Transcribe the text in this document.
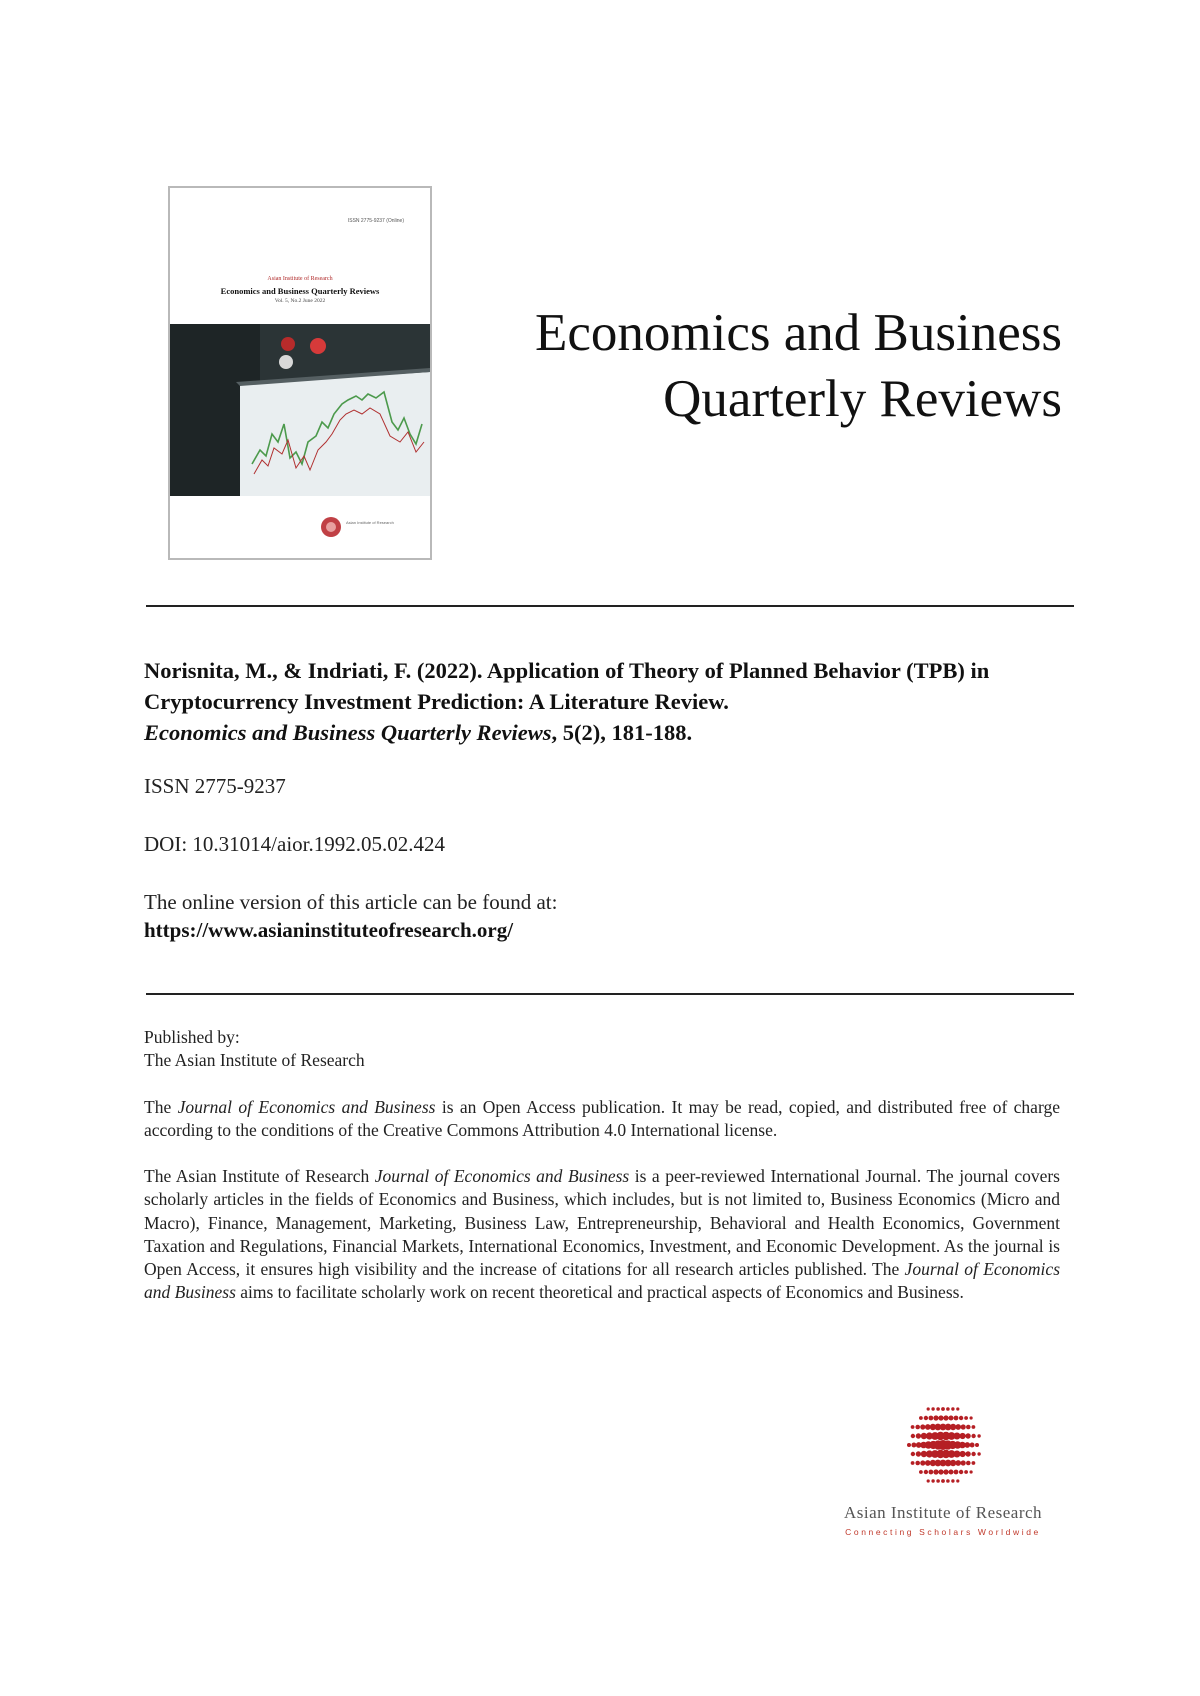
ISSN 2775-9237 (Online)
Asian Institute of Research
Economics and Business Quarterly Reviews
Vol. 5, No.2 June 2022
Asian Institute of Research
Economics and Business
Quarterly Reviews
Norisnita, M., & Indriati, F. (2022). Application of Theory of Planned Behavior (TPB) in Cryptocurrency Investment Prediction: A Literature Review.
Economics and Business Quarterly Reviews, 5(2), 181-188.
ISSN 2775-9237
DOI: 10.31014/aior.1992.05.02.424
The online version of this article can be found at:
https://www.asianinstituteofresearch.org/
Published by:
The Asian Institute of Research
The Journal of Economics and Business is an Open Access publication. It may be read, copied, and distributed free of charge according to the conditions of the Creative Commons Attribution 4.0 International license.
The Asian Institute of Research Journal of Economics and Business is a peer-reviewed International Journal. The journal covers scholarly articles in the fields of Economics and Business, which includes, but is not limited to, Business Economics (Micro and Macro), Finance, Management, Marketing, Business Law, Entrepreneurship, Behavioral and Health Economics, Government Taxation and Regulations, Financial Markets, International Economics, Investment, and Economic Development. As the journal is Open Access, it ensures high visibility and the increase of citations for all research articles published. The Journal of Economics and Business aims to facilitate scholarly work on recent theoretical and practical aspects of Economics and Business.
Asian Institute of Research
Connecting Scholars Worldwide
